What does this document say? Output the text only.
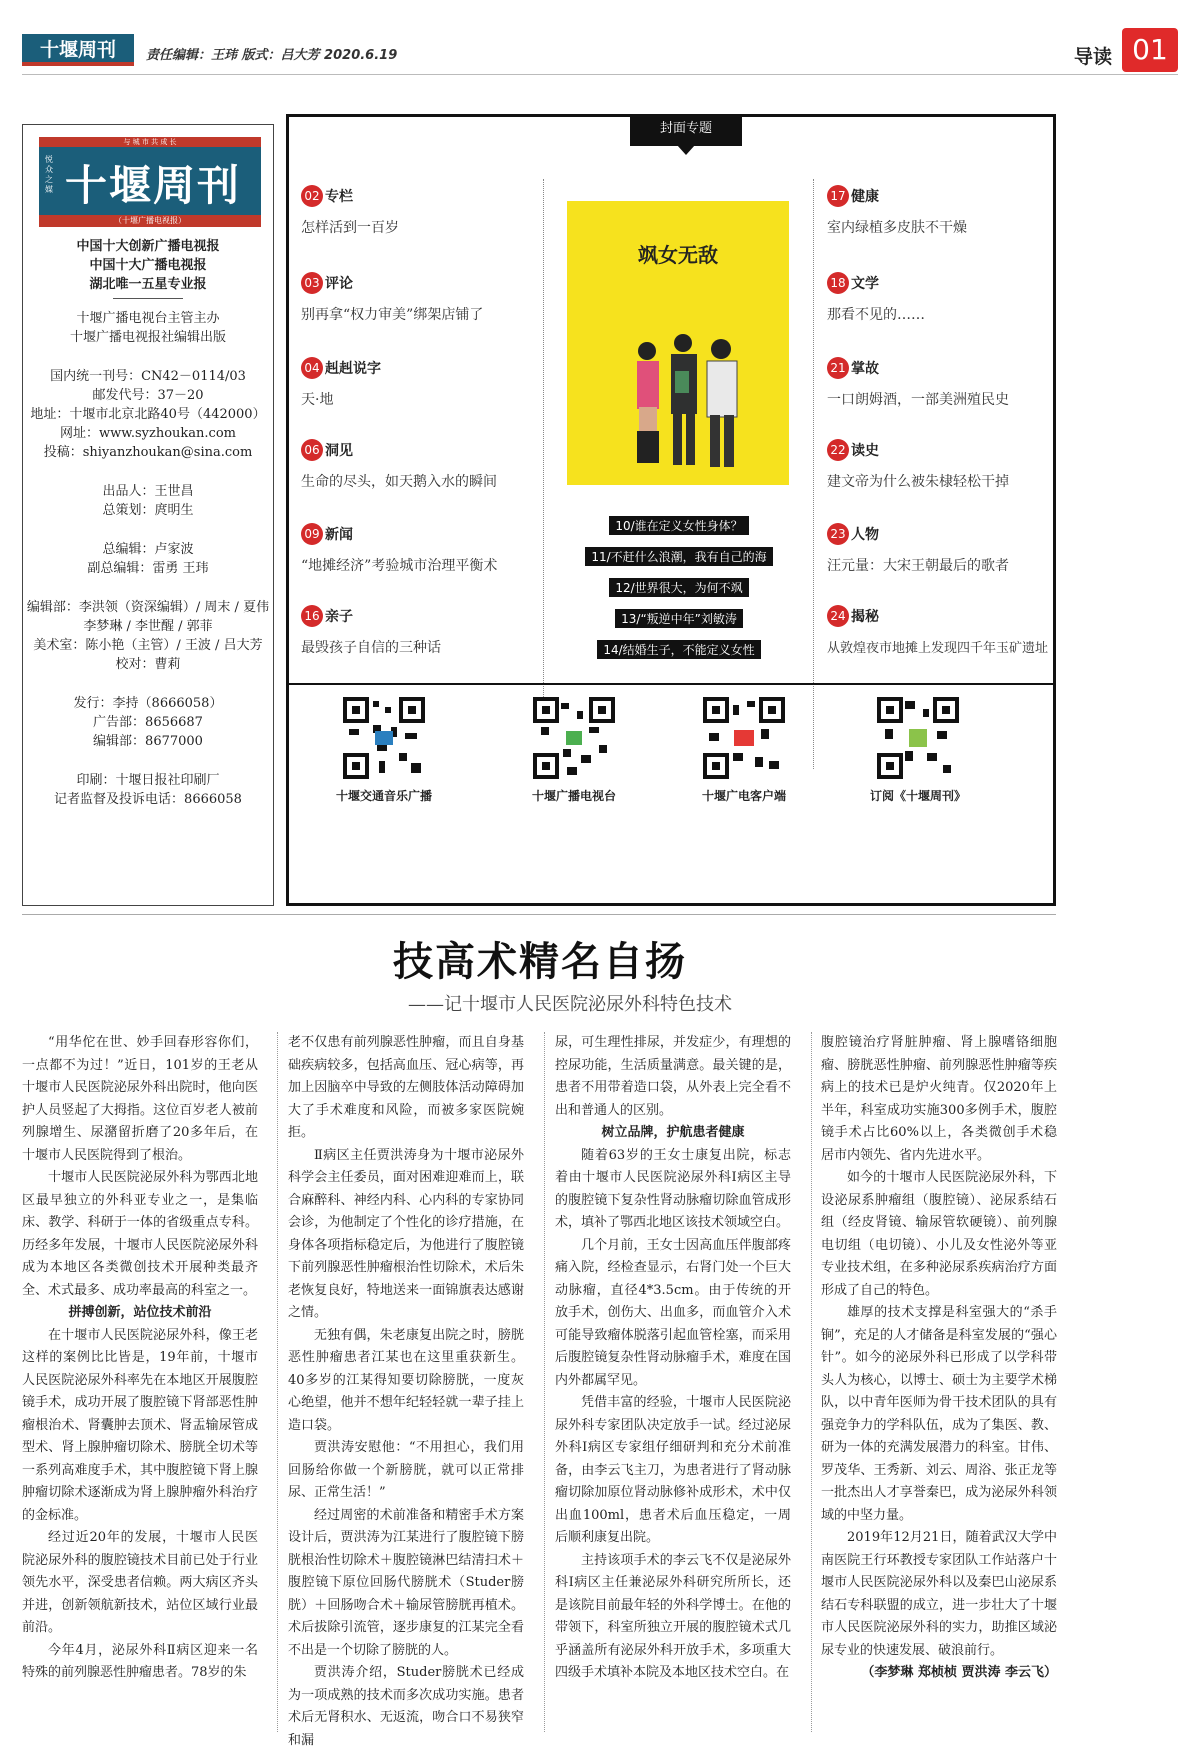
十堰周刊	责任编辑：王玮 版式：吕大芳 2020.6.19	导读 01
与 城 市 共 成 长
悦 众 之 媒 十堰周刊
（十堰广播电视报）
中国十大创新广播电视报
中国十大广播电视报
湖北唯一五星专业报
十堰广播电视台主管主办
十堰广播电视报社编辑出版
国内统一刊号：CN42－0114/03
邮发代号：37－20
地址：十堰市北京北路40号（442000）
网址：www.syzhoukan.com
投稿：shiyanzhoukan@sina.com
出品人：王世昌
总策划：庹明生
总编辑：卢家波
副总编辑：雷勇 王玮
编辑部：李洪领（资深编辑）/ 周末 / 夏伟
李梦琳 / 李世醒 / 郭菲
美术室：陈小艳（主管）/ 王波 / 吕大芳
校对：曹莉
发行：李持（8666058）
广告部：8656687
编辑部：8677000
印刷：十堰日报社印刷厂
记者监督及投诉电话：8666058
封面专题
02 专栏
怎样活到一百岁
03 评论
别再拿“权力审美”绑架店铺了
04 赳赳说字
天·地
06 洞见
生命的尽头，如天鹅入水的瞬间
09 新闻
“地摊经济”考验城市治理平衡术
16 亲子
最毁孩子自信的三种话
飒女无敌
10/谁在定义女性身体？ 11/不赶什么浪潮，我有自己的海 12/世界很大，为何不飒 13/“叛逆中年”刘敏涛 14/结婚生子，不能定义女性
17 健康
室内绿植多皮肤不干燥
18 文学
那看不见的……
21 掌故
一口朗姆酒，一部美洲殖民史
22 读史
建文帝为什么被朱棣轻松干掉
23 人物
汪元量：大宋王朝最后的歌者
24 揭秘
从敦煌夜市地摊上发现四千年玉矿遗址
十堰交通音乐广播	十堰广播电视台	十堰广电客户端	订阅《十堰周刊》
技高术精名自扬
——记十堰市人民医院泌尿外科特色技术

“用华佗在世、妙手回春形容你们，一点都不为过！”近日，101岁的王老从十堰市人民医院泌尿外科出院时，他向医护人员竖起了大拇指。这位百岁老人被前列腺增生、尿潴留折磨了20多年后，在十堰市人民医院得到了根治。

十堰市人民医院泌尿外科为鄂西北地区最早独立的外科亚专业之一，是集临床、教学、科研于一体的省级重点专科。历经多年发展，十堰市人民医院泌尿外科成为本地区各类微创技术开展种类最齐全、术式最多、成功率最高的科室之一。

拼搏创新，站位技术前沿

在十堰市人民医院泌尿外科，像王老这样的案例比比皆是，19年前，十堰市人民医院泌尿外科率先在本地区开展腹腔镜手术，成功开展了腹腔镜下肾部恶性肿瘤根治术、肾囊肿去顶术、肾盂输尿管成型术、肾上腺肿瘤切除术、膀胱全切术等一系列高难度手术，其中腹腔镜下肾上腺肿瘤切除术逐渐成为肾上腺肿瘤外科治疗的金标准。

经过近20年的发展，十堰市人民医院泌尿外科的腹腔镜技术目前已处于行业领先水平，深受患者信赖。两大病区齐头并进，创新领航新技术，站位区域行业最前沿。

今年4月，泌尿外科Ⅱ病区迎来一名特殊的前列腺恶性肿瘤患者。78岁的朱

老不仅患有前列腺恶性肿瘤，而且自身基础疾病较多，包括高血压、冠心病等，再加上因脑卒中导致的左侧肢体活动障碍加大了手术难度和风险，而被多家医院婉拒。

Ⅱ病区主任贾洪涛身为十堰市泌尿外科学会主任委员，面对困难迎难而上，联合麻醉科、神经内科、心内科的专家协同会诊，为他制定了个性化的诊疗措施，在身体各项指标稳定后，为他进行了腹腔镜下前列腺恶性肿瘤根治性切除术，术后朱老恢复良好，特地送来一面锦旗表达感谢之情。

无独有偶，朱老康复出院之时，膀胱恶性肿瘤患者江某也在这里重获新生。40多岁的江某得知要切除膀胱，一度灰心绝望，他并不想年纪轻轻就一辈子挂上造口袋。

贾洪涛安慰他：“不用担心，我们用回肠给你做一个新膀胱，就可以正常排尿、正常生活！”

经过周密的术前准备和精密手术方案设计后，贾洪涛为江某进行了腹腔镜下膀胱根治性切除术＋腹腔镜淋巴结清扫术＋腹腔镜下原位回肠代膀胱术（Studer膀胱）＋回肠吻合术＋输尿管膀胱再植术。术后拔除引流管，逐步康复的江某完全看不出是一个切除了膀胱的人。

贾洪涛介绍，Studer膀胱术已经成为一项成熟的技术而多次成功实施。患者术后无肾积水、无返流，吻合口不易狭窄和漏

尿，可生理性排尿，并发症少，有理想的控尿功能，生活质量满意。最关键的是，患者不用带着造口袋，从外表上完全看不出和普通人的区别。

树立品牌，护航患者健康

随着63岁的王女士康复出院，标志着由十堰市人民医院泌尿外科Ⅰ病区主导的腹腔镜下复杂性肾动脉瘤切除血管成形术，填补了鄂西北地区该技术领域空白。

几个月前，王女士因高血压伴腹部疼痛入院，经检查显示，右肾门处一个巨大动脉瘤，直径4*3.5cm。由于传统的开放手术，创伤大、出血多，而血管介入术可能导致瘤体脱落引起血管栓塞，而采用后腹腔镜复杂性肾动脉瘤手术，难度在国内外都属罕见。

凭借丰富的经验，十堰市人民医院泌尿外科专家团队决定放手一试。经过泌尿外科Ⅰ病区专家组仔细研判和充分术前准备，由李云飞主刀，为患者进行了肾动脉瘤切除加原位肾动脉修补成形术，术中仅出血100ml，患者术后血压稳定，一周后顺利康复出院。

主持该项手术的李云飞不仅是泌尿外科Ⅰ病区主任兼泌尿外科研究所所长，还是该院目前最年轻的外科学博士。在他的带领下，科室所独立开展的腹腔镜术式几乎涵盖所有泌尿外科开放手术，多项重大四级手术填补本院及本地区技术空白。在

腹腔镜治疗肾脏肿瘤、肾上腺嗜铬细胞瘤、膀胱恶性肿瘤、前列腺恶性肿瘤等疾病上的技术已是炉火纯青。仅2020年上半年，科室成功实施300多例手术，腹腔镜手术占比60%以上，各类微创手术稳居市内领先、省内先进水平。

如今的十堰市人民医院泌尿外科，下设泌尿系肿瘤组（腹腔镜）、泌尿系结石组（经皮肾镜、输尿管软硬镜）、前列腺电切组（电切镜）、小儿及女性泌外等亚专业技术组，在多种泌尿系疾病治疗方面形成了自己的特色。

雄厚的技术支撑是科室强大的“杀手锏”，充足的人才储备是科室发展的“强心针”。如今的泌尿外科已形成了以学科带头人为核心，以博士、硕士为主要学术梯队，以中青年医师为骨干技术团队的具有强竞争力的学科队伍，成为了集医、教、研为一体的充满发展潜力的科室。甘伟、罗茂华、王秀新、刘云、周浴、张正龙等一批杰出人才享誉秦巴，成为泌尿外科领域的中坚力量。

2019年12月21日，随着武汉大学中南医院王行环教授专家团队工作站落户十堰市人民医院泌尿外科以及秦巴山泌尿系结石专科联盟的成立，进一步壮大了十堰市人民医院泌尿外科的实力，助推区域泌尿专业的快速发展、破浪前行。

（李梦琳 郑桢桢 贾洪涛 李云飞）
